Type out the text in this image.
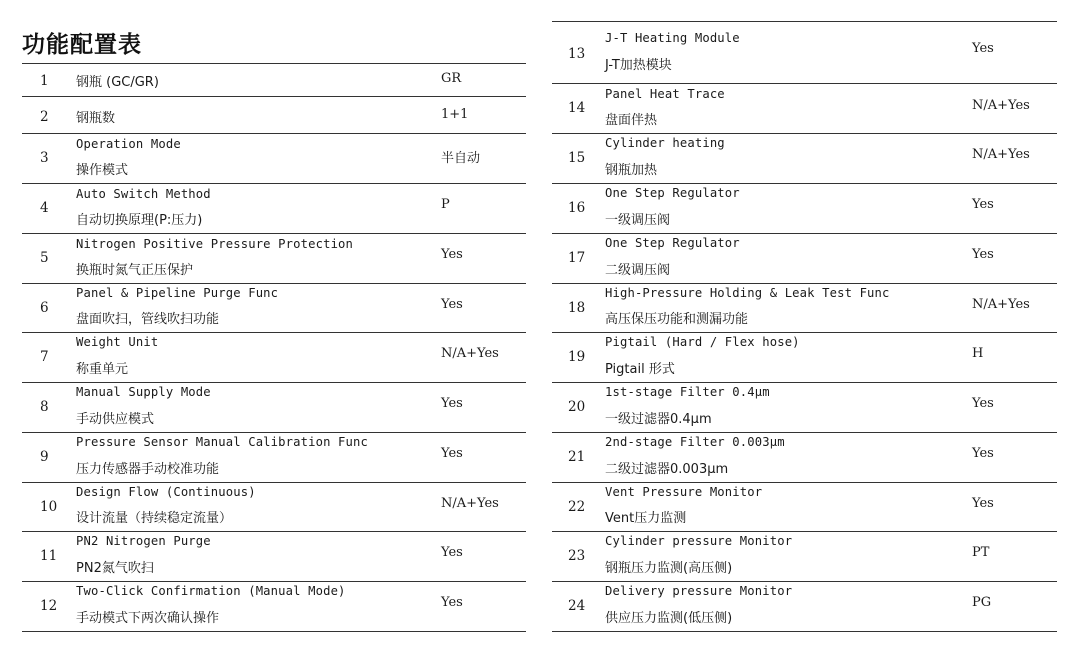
功能配置表
1 钢瓶 (GC/GR)	GR
2 钢瓶数	1+1
3
Operation Mode
操作模式
半自动
4
Auto Switch Method
自动切换原理(P:压力)
P
5
Nitrogen Positive Pressure Protection
换瓶时氮气正压保护
Yes
6
Panel & Pipeline Purge Func
盘面吹扫，管线吹扫功能
Yes
7
Weight Unit
称重单元
N/A+Yes
8
Manual Supply Mode
手动供应模式
Yes
9
Pressure Sensor Manual Calibration Func
压力传感器手动校准功能
Yes
10
Design Flow (Continuous)
设计流量（持续稳定流量）
N/A+Yes
11
PN2 Nitrogen Purge
PN2氮气吹扫
Yes
12
Two-Click Confirmation (Manual Mode)
手动模式下两次确认操作
Yes
13
J-T Heating Module
J-T加热模块
Yes
14
Panel Heat Trace
盘面伴热
N/A+Yes
15
Cylinder heating
钢瓶加热
N/A+Yes
16
One Step Regulator
一级调压阀
Yes
17
One Step Regulator
二级调压阀
Yes
18
High-Pressure Holding & Leak Test Func
高压保压功能和测漏功能
N/A+Yes
19
Pigtail (Hard / Flex hose)
Pigtail 形式
H
20
1st-stage Filter 0.4μm
一级过滤器0.4μm
Yes
21
2nd-stage Filter 0.003μm
二级过滤器0.003μm
Yes
22
Vent Pressure Monitor
Vent压力监测
Yes
23
Cylinder pressure Monitor
钢瓶压力监测(高压侧)
PT
24
Delivery pressure Monitor
供应压力监测(低压侧)
PG
